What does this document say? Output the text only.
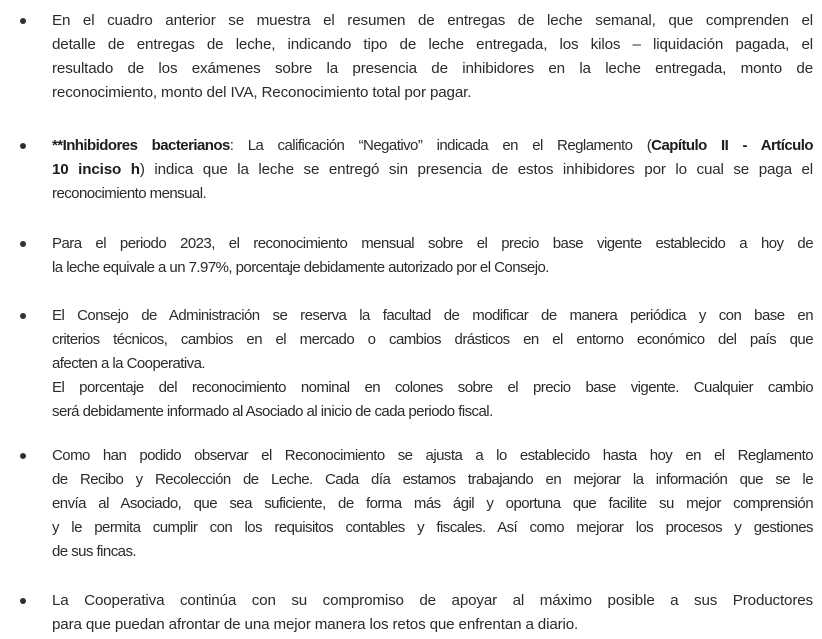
En el cuadro anterior se muestra el resumen de entregas de leche semanal, que comprenden el
detalle de entregas de leche, indicando tipo de leche entregada, los kilos – liquidación pagada, el
resultado de los exámenes sobre la presencia de inhibidores en la leche entregada, monto de
reconocimiento, monto del IVA, Reconocimiento total por pagar.
**Inhibidores bacterianos: La calificación “Negativo” indicada en el Reglamento (Capítulo II - Artículo
10 inciso h) indica que la leche se entregó sin presencia de estos inhibidores por lo cual se paga el
reconocimiento mensual.
Para el periodo 2023, el reconocimiento mensual sobre el precio base vigente establecido a hoy de
la leche equivale a un 7.97%, porcentaje debidamente autorizado por el Consejo.
El Consejo de Administración se reserva la facultad de modificar de manera periódica y con base en
criterios técnicos, cambios en el mercado o cambios drásticos en el entorno económico del país que
afecten a la Cooperativa.
El porcentaje del reconocimiento nominal en colones sobre el precio base vigente. Cualquier cambio
será debidamente informado al Asociado al inicio de cada periodo fiscal.
Como han podido observar el Reconocimiento se ajusta a lo establecido hasta hoy en el Reglamento
de Recibo y Recolección de Leche. Cada día estamos trabajando en mejorar la información que se le
envía al Asociado, que sea suficiente, de forma más ágil y oportuna que facilite su mejor comprensión
y le permita cumplir con los requisitos contables y fiscales. Así como mejorar los procesos y gestiones
de sus fincas.
La Cooperativa continúa con su compromiso de apoyar al máximo posible a sus Productores
para que puedan afrontar de una mejor manera los retos que enfrentan a diario.
